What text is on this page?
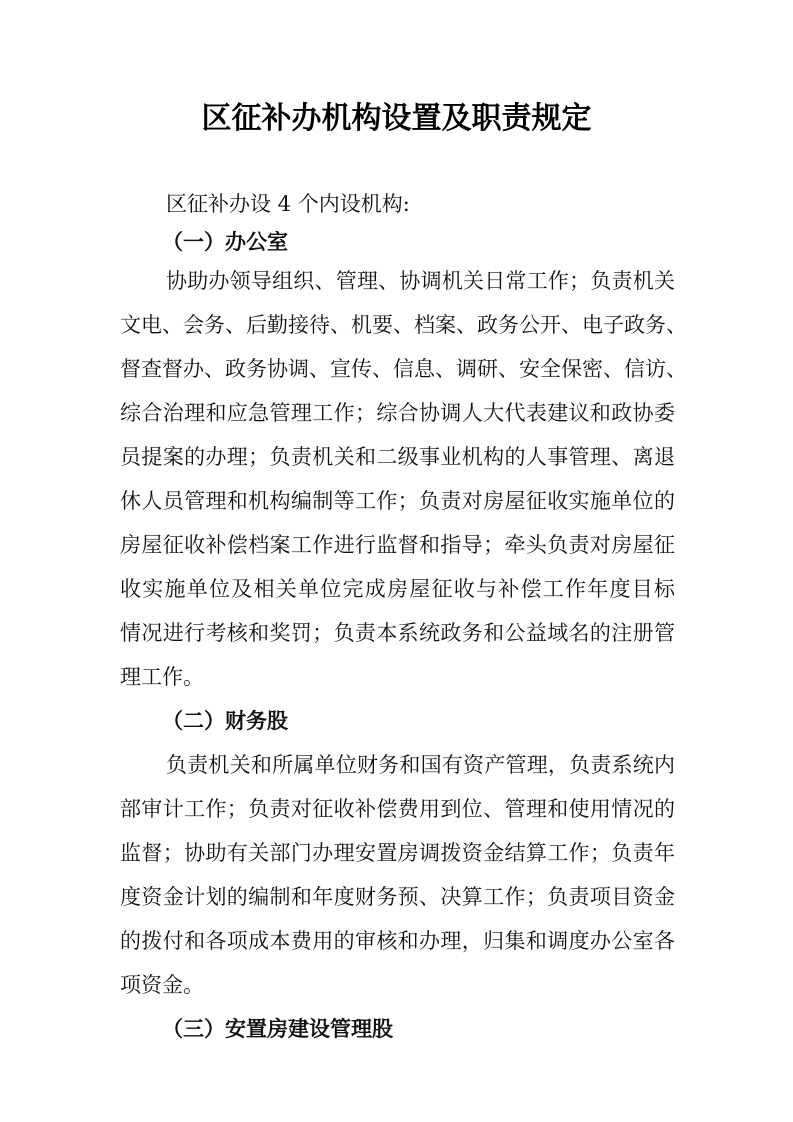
区征补办机构设置及职责规定
区征补办设 4 个内设机构:
（一）办公室
协助办领导组织、管理、协调机关日常工作；负责机关
文电、会务、后勤接待、机要、档案、政务公开、电子政务、
督查督办、政务协调、宣传、信息、调研、安全保密、信访、
综合治理和应急管理工作；综合协调人大代表建议和政协委
员提案的办理；负责机关和二级事业机构的人事管理、离退
休人员管理和机构编制等工作；负责对房屋征收实施单位的
房屋征收补偿档案工作进行监督和指导；牵头负责对房屋征
收实施单位及相关单位完成房屋征收与补偿工作年度目标
情况进行考核和奖罚；负责本系统政务和公益域名的注册管
理工作。
（二）财务股
负责机关和所属单位财务和国有资产管理，负责系统内
部审计工作；负责对征收补偿费用到位、管理和使用情况的
监督；协助有关部门办理安置房调拨资金结算工作；负责年
度资金计划的编制和年度财务预、决算工作；负责项目资金
的拨付和各项成本费用的审核和办理，归集和调度办公室各
项资金。
（三）安置房建设管理股
